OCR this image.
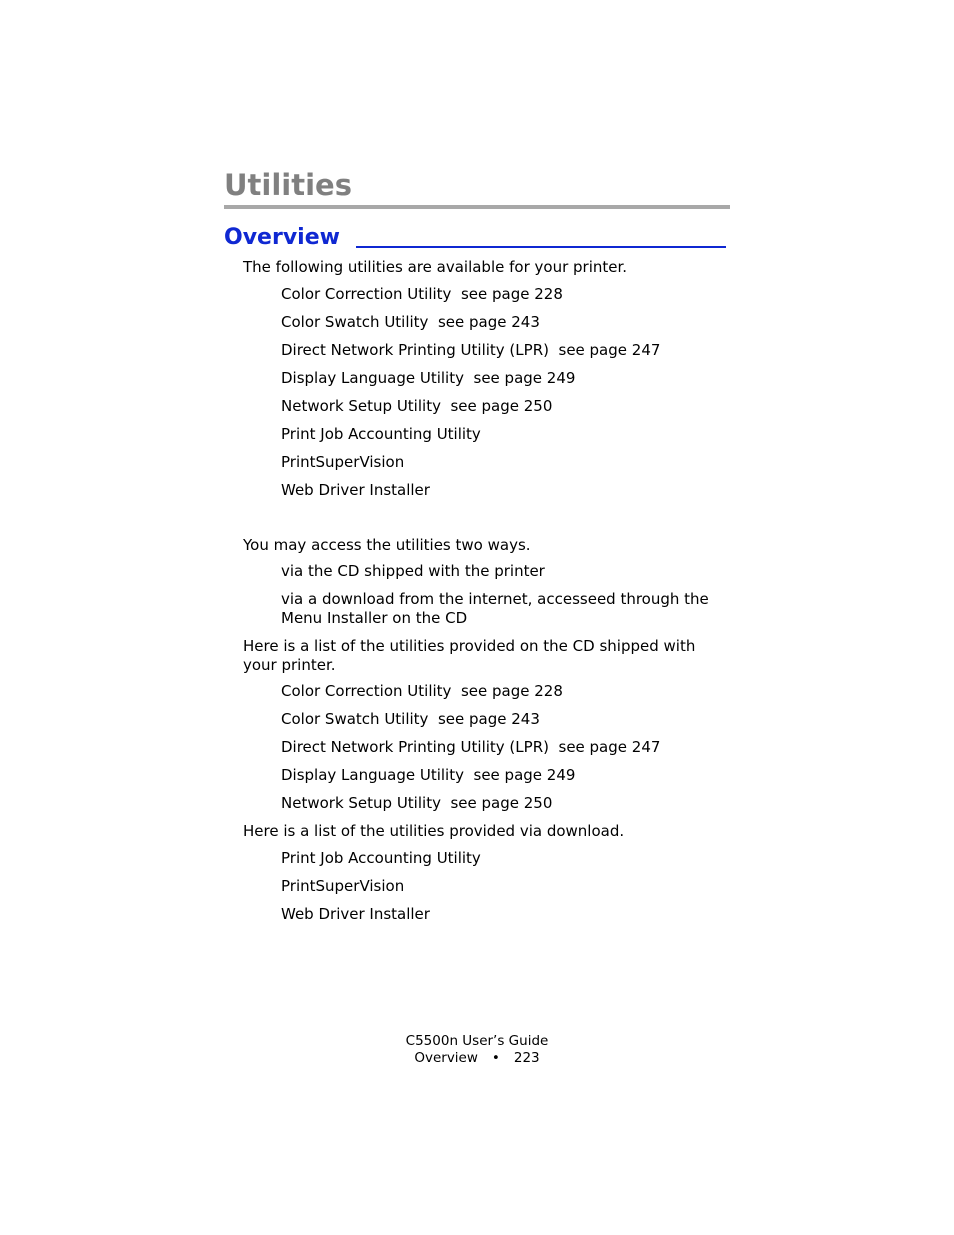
Utilities
Overview

The following utilities are available for your printer.

Color Correction Utility  see page 228

Color Swatch Utility  see page 243

Direct Network Printing Utility (LPR)  see page 247

Display Language Utility  see page 249

Network Setup Utility  see page 250

Print Job Accounting Utility

PrintSuperVision

Web Driver Installer

You may access the utilities two ways.

via the CD shipped with the printer

via a download from the internet, accesseed through the Menu Installer on the CD

Here is a list of the utilities provided on the CD shipped with your printer.

Color Correction Utility  see page 228

Color Swatch Utility  see page 243

Direct Network Printing Utility (LPR)  see page 247

Display Language Utility  see page 249

Network Setup Utility  see page 250

Here is a list of the utilities provided via download.

Print Job Accounting Utility

PrintSuperVision

Web Driver Installer

C5500n User’s Guide
Overview • 223
